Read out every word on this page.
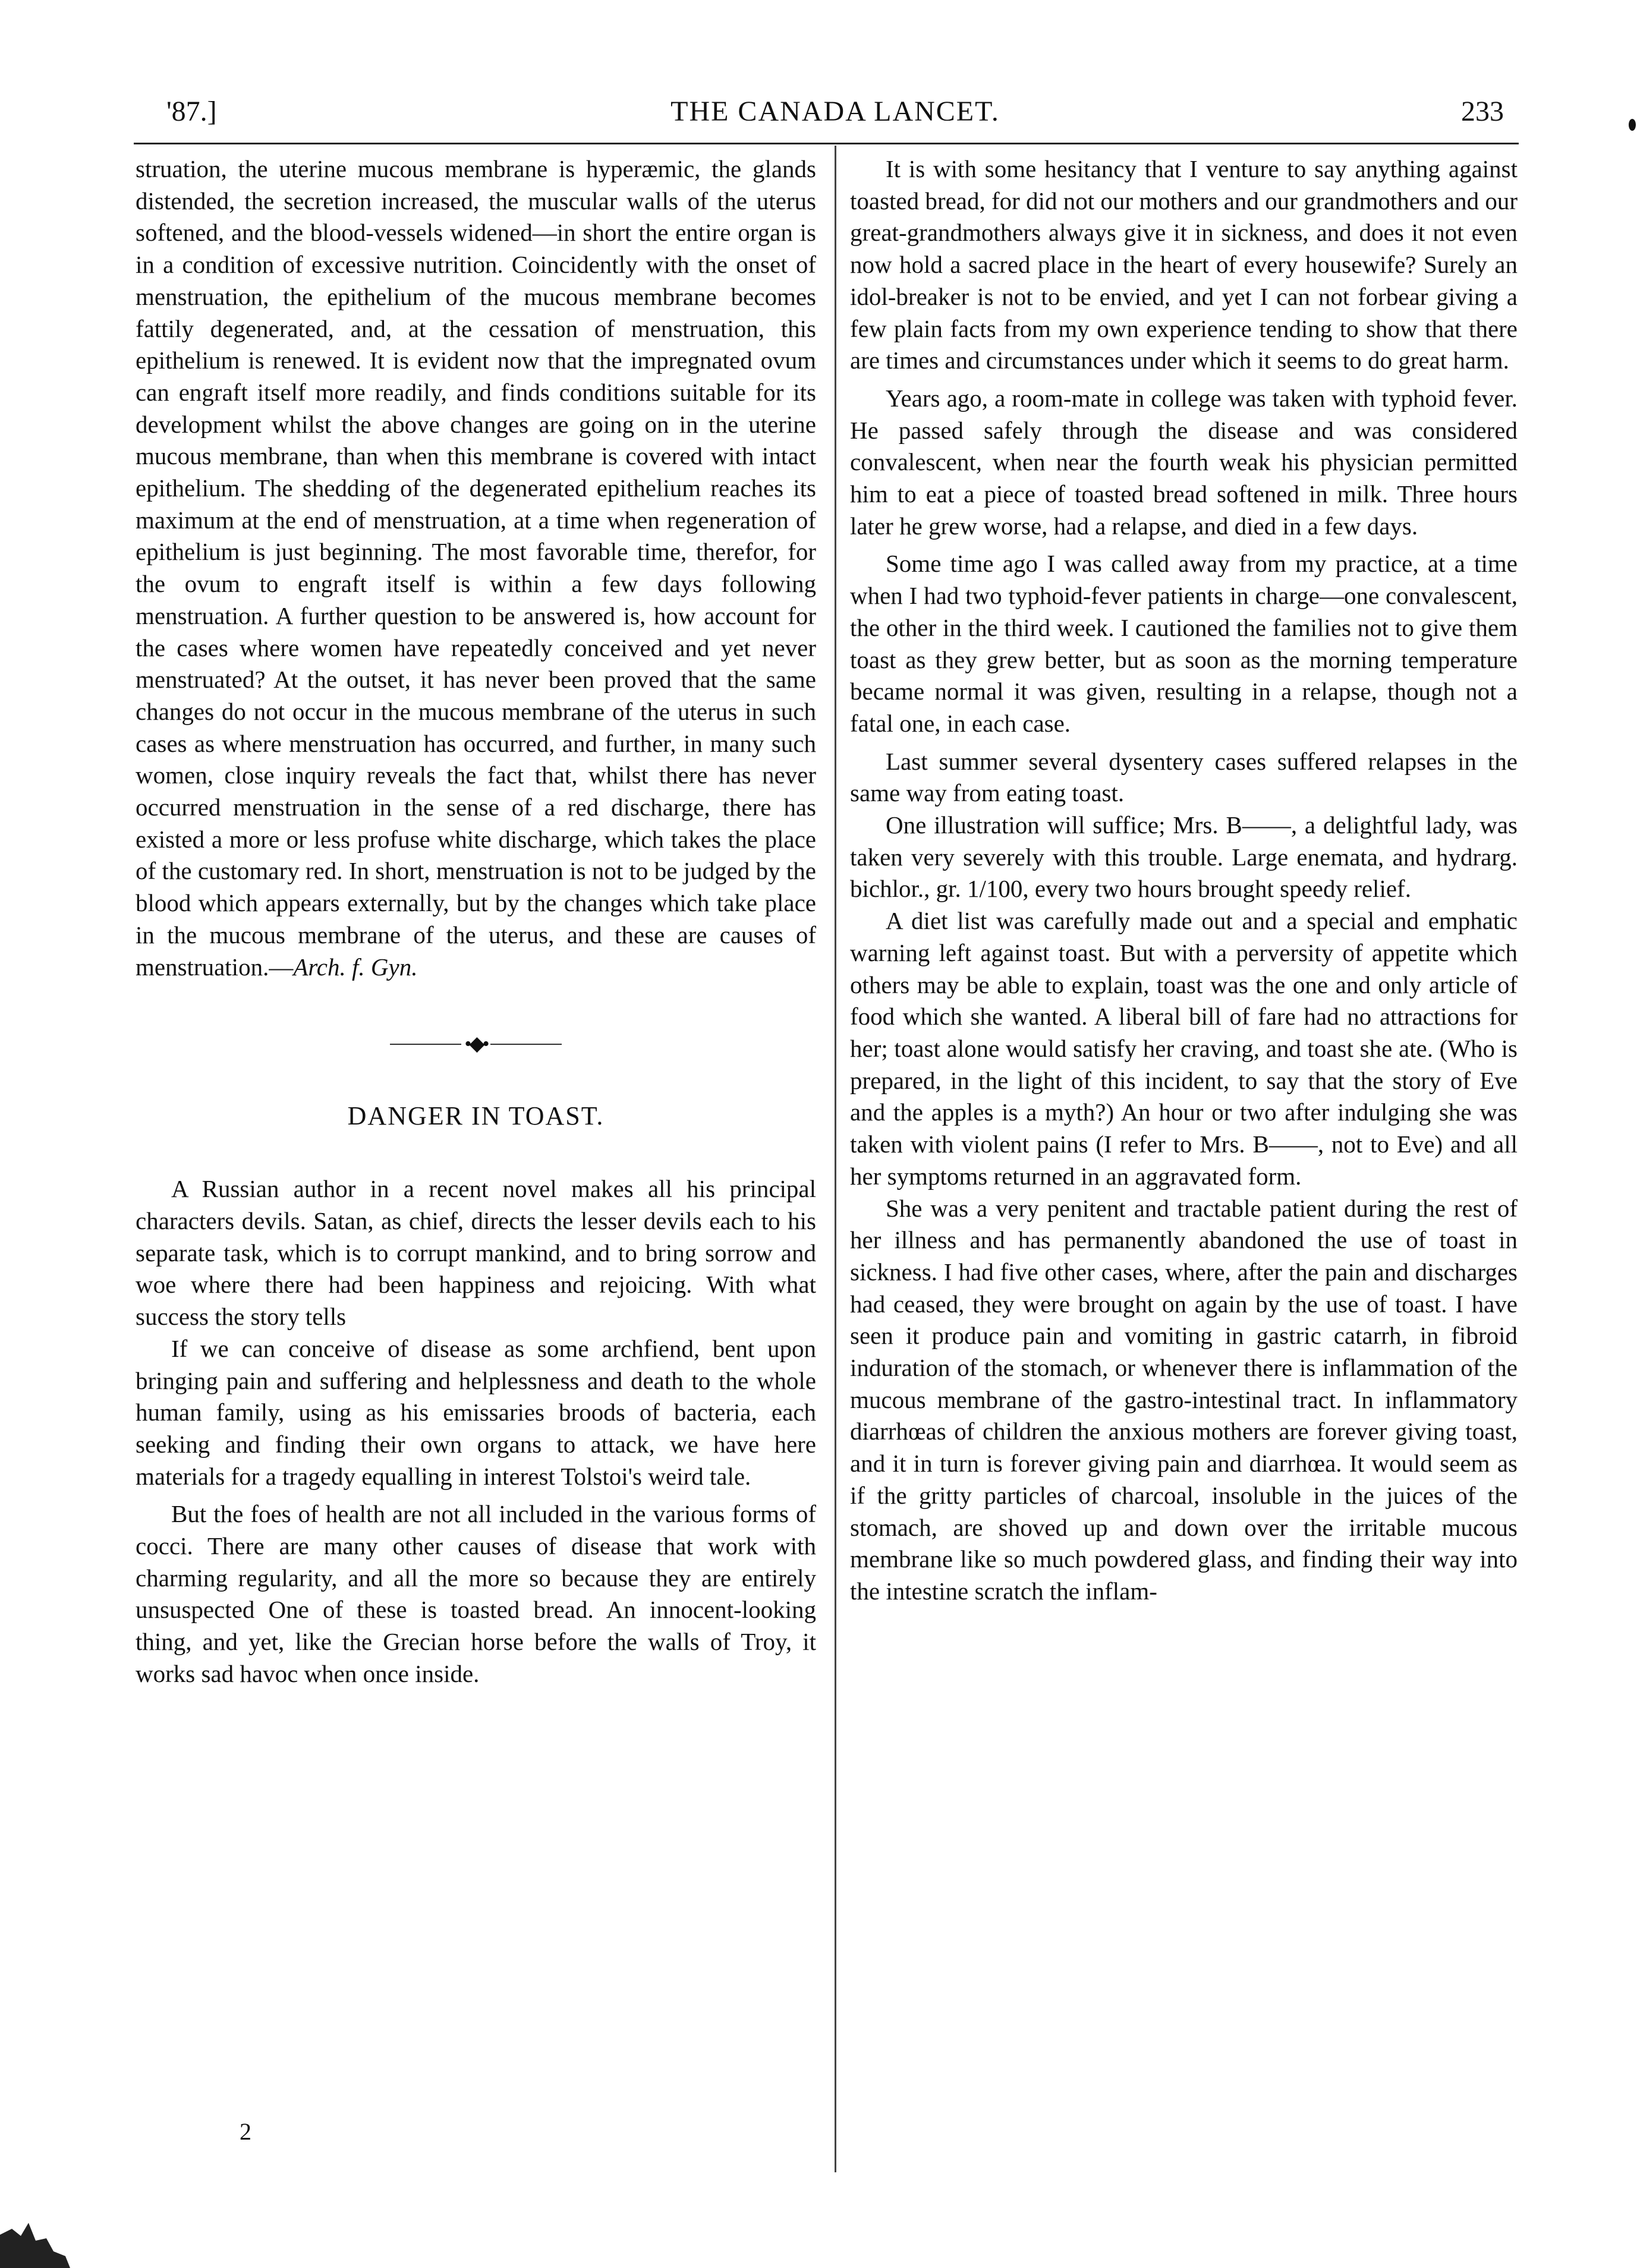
'87.]	THE CANADA LANCET.	233

struation, the uterine mucous membrane is hyperæmic, the glands distended, the secretion increased, the muscular walls of the uterus softened, and the blood-vessels widened—in short the entire organ is in a condition of excessive nutrition. Coincidently with the onset of menstruation, the epithelium of the mucous membrane becomes fattily degenerated, and, at the cessation of menstruation, this epithelium is renewed. It is evident now that the impregnated ovum can engraft itself more readily, and finds conditions suitable for its development whilst the above changes are going on in the uterine mucous membrane, than when this membrane is covered with intact epithelium. The shedding of the degenerated epithelium reaches its maximum at the end of menstruation, at a time when regeneration of epithelium is just beginning. The most favorable time, therefor, for the ovum to engraft itself is within a few days following menstruation. A further question to be answered is, how account for the cases where women have repeatedly conceived and yet never menstruated? At the outset, it has never been proved that the same changes do not occur in the mucous membrane of the uterus in such cases as where menstruation has occurred, and further, in many such women, close inquiry reveals the fact that, whilst there has never occurred menstruation in the sense of a red discharge, there has existed a more or less profuse white discharge, which takes the place of the customary red. In short, menstruation is not to be judged by the blood which appears externally, but by the changes which take place in the mucous membrane of the uterus, and these are causes of menstruation.—Arch. f. Gyn.

•◆•
DANGER IN TOAST.

A Russian author in a recent novel makes all his principal characters devils. Satan, as chief, directs the lesser devils each to his separate task, which is to corrupt mankind, and to bring sorrow and woe where there had been happiness and rejoicing. With what success the story tells

If we can conceive of disease as some archfiend, bent upon bringing pain and suffering and helplessness and death to the whole human family, using as his emissaries broods of bacteria, each seeking and finding their own organs to attack, we have here materials for a tragedy equalling in interest Tolstoi's weird tale.

But the foes of health are not all included in the various forms of cocci. There are many other causes of disease that work with charming regularity, and all the more so because they are entirely unsuspected One of these is toasted bread. An innocent-looking thing, and yet, like the Grecian horse before the walls of Troy, it works sad havoc when once inside.

It is with some hesitancy that I venture to say anything against toasted bread, for did not our mothers and our grandmothers and our great-grandmothers always give it in sickness, and does it not even now hold a sacred place in the heart of every housewife? Surely an idol-breaker is not to be envied, and yet I can not forbear giving a few plain facts from my own experience tending to show that there are times and circumstances under which it seems to do great harm.

Years ago, a room-mate in college was taken with typhoid fever. He passed safely through the disease and was considered convalescent, when near the fourth weak his physician permitted him to eat a piece of toasted bread softened in milk. Three hours later he grew worse, had a relapse, and died in a few days.

Some time ago I was called away from my practice, at a time when I had two typhoid-fever patients in charge—one convalescent, the other in the third week. I cautioned the families not to give them toast as they grew better, but as soon as the morning temperature became normal it was given, resulting in a relapse, though not a fatal one, in each case.

Last summer several dysentery cases suffered relapses in the same way from eating toast.

One illustration will suffice; Mrs. B——, a delightful lady, was taken very severely with this trouble. Large enemata, and hydrarg. bichlor., gr. 1/100, every two hours brought speedy relief.

A diet list was carefully made out and a special and emphatic warning left against toast. But with a perversity of appetite which others may be able to explain, toast was the one and only article of food which she wanted. A liberal bill of fare had no attractions for her; toast alone would satisfy her craving, and toast she ate. (Who is prepared, in the light of this incident, to say that the story of Eve and the apples is a myth?) An hour or two after indulging she was taken with violent pains (I refer to Mrs. B——, not to Eve) and all her symptoms returned in an aggravated form.

She was a very penitent and tractable patient during the rest of her illness and has permanently abandoned the use of toast in sickness. I had five other cases, where, after the pain and discharges had ceased, they were brought on again by the use of toast. I have seen it produce pain and vomiting in gastric catarrh, in fibroid induration of the stomach, or whenever there is inflammation of the mucous membrane of the gastro-intestinal tract. In inflammatory diarrhœas of children the anxious mothers are forever giving toast, and it in turn is forever giving pain and diarrhœa. It would seem as if the gritty particles of charcoal, insoluble in the juices of the stomach, are shoved up and down over the irritable mucous membrane like so much powdered glass, and finding their way into the intestine scratch the inflam-

2
